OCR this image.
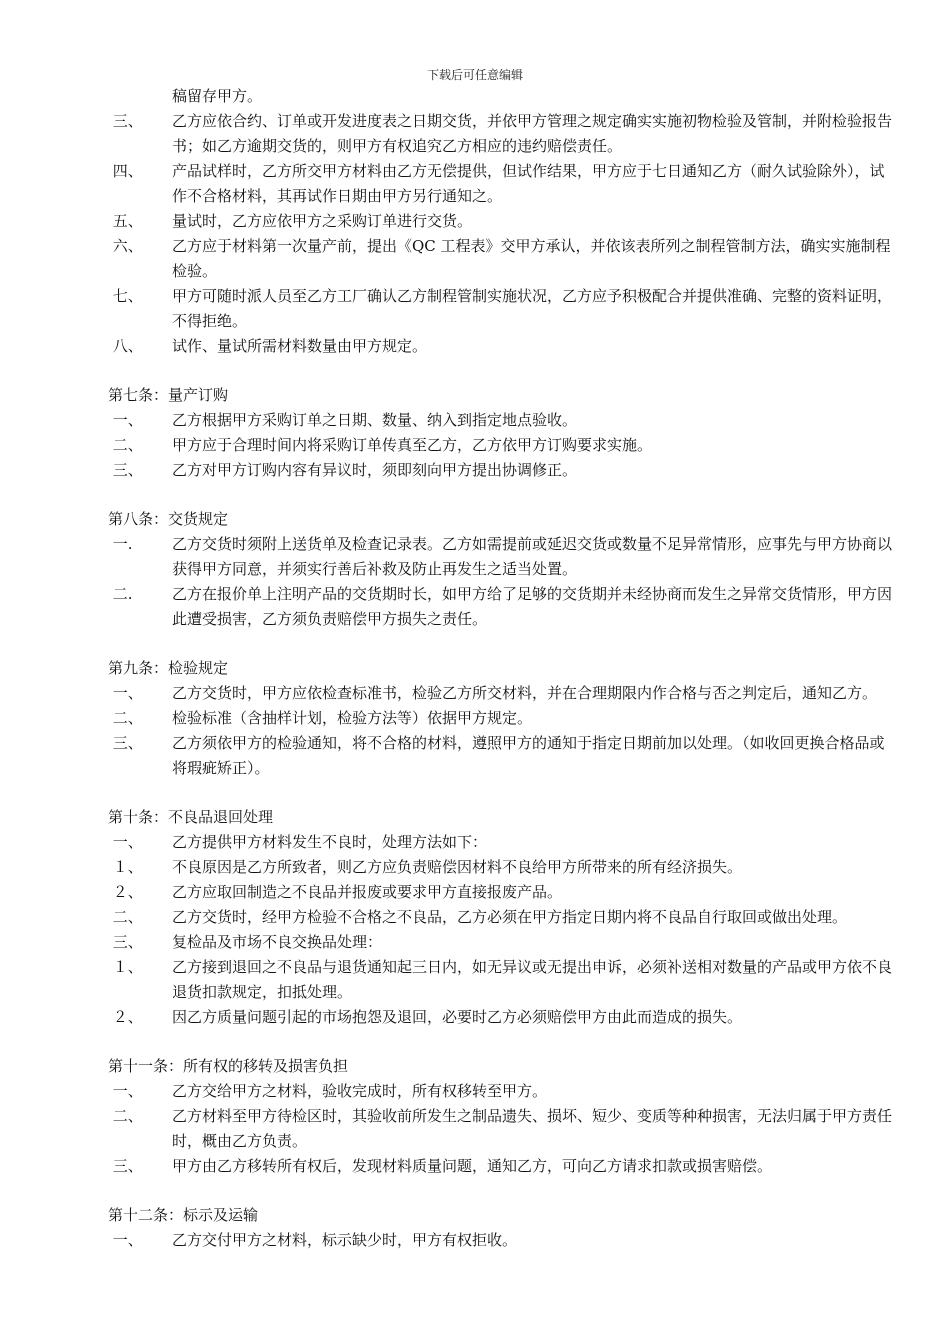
下载后可任意编辑
稿留存甲方。
三、	乙方应依合约、订单或开发进度表之日期交货，并依甲方管理之规定确实实施初物检验及管制，并附检验报告书；如乙方逾期交货的，则甲方有权追究乙方相应的违约赔偿责任。
四、	产品试样时，乙方所交甲方材料由乙方无偿提供，但试作结果，甲方应于七日通知乙方（耐久试验除外），试作不合格材料，其再试作日期由甲方另行通知之。
五、	量试时，乙方应依甲方之采购订单进行交货。
六、	乙方应于材料第一次量产前，提出《QC 工程表》交甲方承认，并依该表所列之制程管制方法，确实实施制程检验。
七、	甲方可随时派人员至乙方工厂确认乙方制程管制实施状况，乙方应予积极配合并提供准确、完整的资料证明，不得拒绝。
八、	试作、量试所需材料数量由甲方规定。
第七条：量产订购
一、	乙方根据甲方采购订单之日期、数量、纳入到指定地点验收。
二、	甲方应于合理时间内将采购订单传真至乙方，乙方依甲方订购要求实施。
三、	乙方对甲方订购内容有异议时，须即刻向甲方提出协调修正。
第八条：交货规定
一.	乙方交货时须附上送货单及检查记录表。乙方如需提前或延迟交货或数量不足异常情形，应事先与甲方协商以获得甲方同意，并须实行善后补救及防止再发生之适当处置。
二.	乙方在报价单上注明产品的交货期时长，如甲方给了足够的交货期并未经协商而发生之异常交货情形，甲方因此遭受损害，乙方须负责赔偿甲方损失之责任。
第九条：检验规定
一、	乙方交货时，甲方应依检查标准书，检验乙方所交材料，并在合理期限内作合格与否之判定后，通知乙方。
二、	检验标准（含抽样计划，检验方法等）依据甲方规定。
三、	乙方须依甲方的检验通知，将不合格的材料，遵照甲方的通知于指定日期前加以处理。（如收回更换合格品或将瑕疵矫正）。
第十条：不良品退回处理
一、	乙方提供甲方材料发生不良时，处理方法如下：
１、	不良原因是乙方所致者，则乙方应负责赔偿因材料不良给甲方所带来的所有经济损失。
２、	乙方应取回制造之不良品并报废或要求甲方直接报废产品。
二、	乙方交货时，经甲方检验不合格之不良品，乙方必须在甲方指定日期内将不良品自行取回或做出处理。
三、	复检品及市场不良交换品处理：
１、	乙方接到退回之不良品与退货通知起三日内，如无异议或无提出申诉，必须补送相对数量的产品或甲方依不良退货扣款规定，扣抵处理。
２、	因乙方质量问题引起的市场抱怨及退回，必要时乙方必须赔偿甲方由此而造成的损失。
第十一条：所有权的移转及损害负担
一、	乙方交给甲方之材料，验收完成时，所有权移转至甲方。
二、	乙方材料至甲方待检区时，其验收前所发生之制品遗失、损坏、短少、变质等种种损害，无法归属于甲方责任时，概由乙方负责。
三、	甲方由乙方移转所有权后，发现材料质量问题，通知乙方，可向乙方请求扣款或损害赔偿。
第十二条：标示及运输
一、	乙方交付甲方之材料，标示缺少时，甲方有权拒收。
